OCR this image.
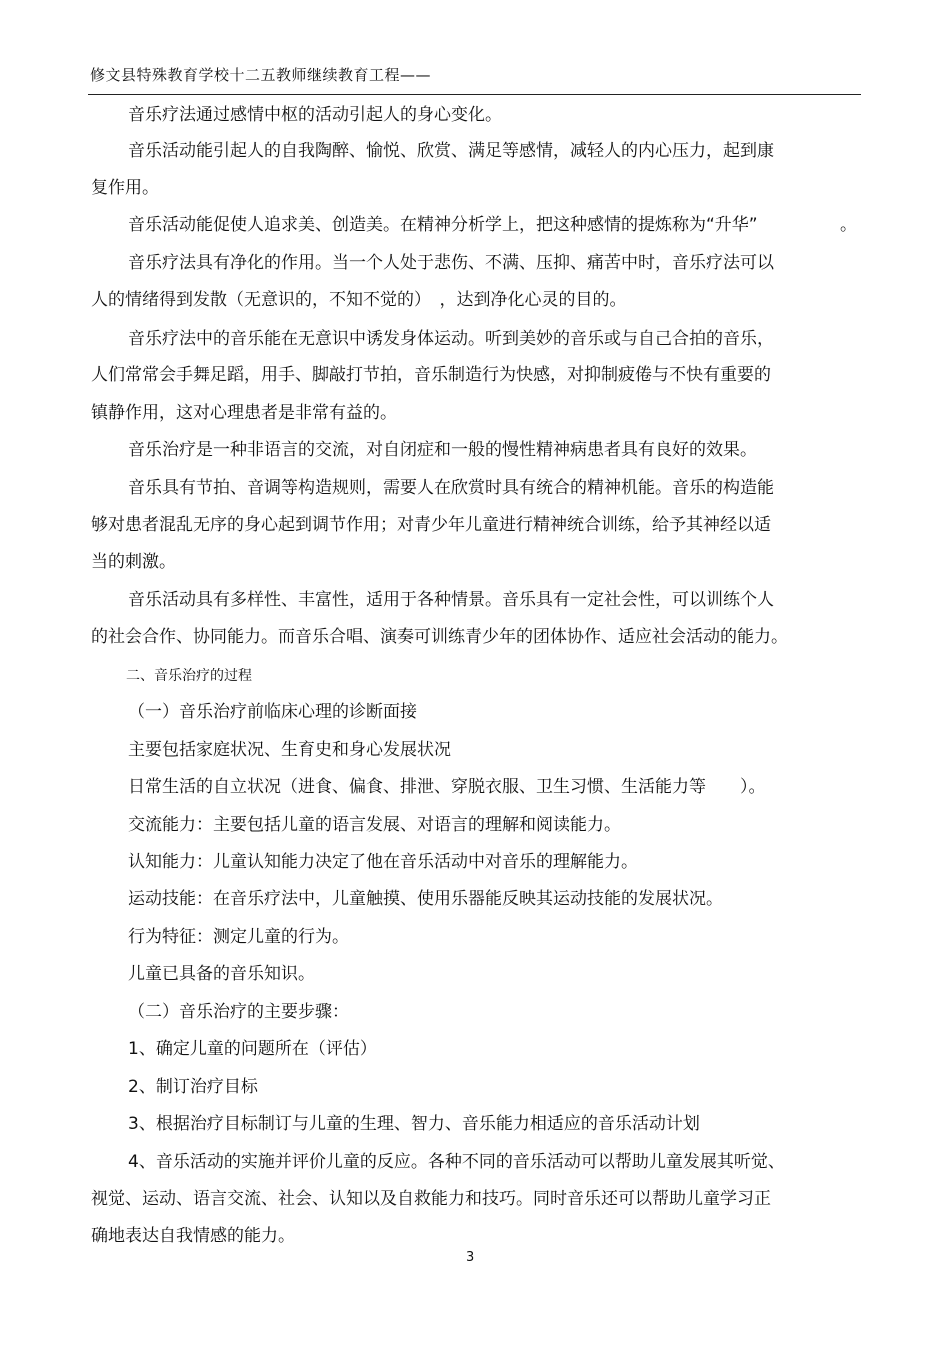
修文县特殊教育学校十二五教师继续教育工程——
音乐疗法通过感情中枢的活动引起人的身心变化。
音乐活动能引起人的自我陶醉、愉悦、欣赏、满足等感情，减轻人的内心压力，起到康
复作用。
音乐活动能促使人追求美、创造美。在精神分析学上，把这种感情的提炼称为“升华”	。
音乐疗法具有净化的作用。当一个人处于悲伤、不满、压抑、痛苦中时，音乐疗法可以
人的情绪得到发散（无意识的，不知不觉的）　，达到净化心灵的目的。
音乐疗法中的音乐能在无意识中诱发身体运动。听到美妙的音乐或与自己合拍的音乐，
人们常常会手舞足蹈，用手、脚敲打节拍，音乐制造行为快感，对抑制疲倦与不快有重要的
镇静作用，这对心理患者是非常有益的。
音乐治疗是一种非语言的交流，对自闭症和一般的慢性精神病患者具有良好的效果。
音乐具有节拍、音调等构造规则，需要人在欣赏时具有统合的精神机能。音乐的构造能
够对患者混乱无序的身心起到调节作用；对青少年儿童进行精神统合训练，给予其神经以适
当的刺激。
音乐活动具有多样性、丰富性，适用于各种情景。音乐具有一定社会性，可以训练个人
的社会合作、协同能力。而音乐合唱、演奏可训练青少年的团体协作、适应社会活动的能力。
二、音乐治疗的过程
（一）音乐治疗前临床心理的诊断面接
主要包括家庭状况、生育史和身心发展状况
日常生活的自立状况（进食、偏食、排泄、穿脱衣服、卫生习惯、生活能力等　　）。
交流能力：主要包括儿童的语言发展、对语言的理解和阅读能力。
认知能力：儿童认知能力决定了他在音乐活动中对音乐的理解能力。
运动技能：在音乐疗法中，儿童触摸、使用乐器能反映其运动技能的发展状况。
行为特征：测定儿童的行为。
儿童已具备的音乐知识。
（二）音乐治疗的主要步骤：
1、确定儿童的问题所在（评估）
2、制订治疗目标
3、根据治疗目标制订与儿童的生理、智力、音乐能力相适应的音乐活动计划
4、音乐活动的实施并评价儿童的反应。各种不同的音乐活动可以帮助儿童发展其听觉、
视觉、运动、语言交流、社会、认知以及自救能力和技巧。同时音乐还可以帮助儿童学习正
确地表达自我情感的能力。
3
